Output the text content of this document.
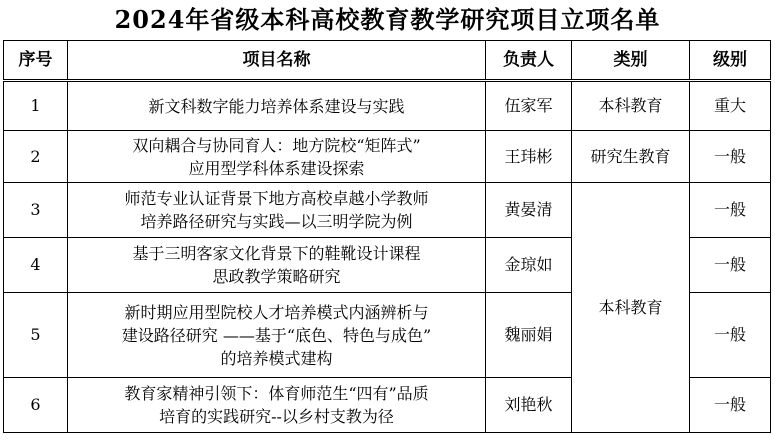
2024年省级本科高校教育教学研究项目立项名单
序号	项目名称	负责人	类别	级别
1	新文科数字能力培养体系建设与实践	伍家军	本科教育	重大
2	双向耦合与协同育人：地方院校“矩阵式”
应用型学科体系建设探索	王玮彬	研究生教育	一般
3	师范专业认证背景下地方高校卓越小学教师
培养路径研究与实践—以三明学院为例	黄晏清	本科教育	一般
4	基于三明客家文化背景下的鞋靴设计课程
思政教学策略研究	金琼如		一般
5	新时期应用型院校人才培养模式内涵辨析与
建设路径研究 ——基于“底色、特色与成色”
的培养模式建构	魏丽娟		一般
6	教育家精神引领下：体育师范生“四有”品质
培育的实践研究--以乡村支教为径	刘艳秋		一般
